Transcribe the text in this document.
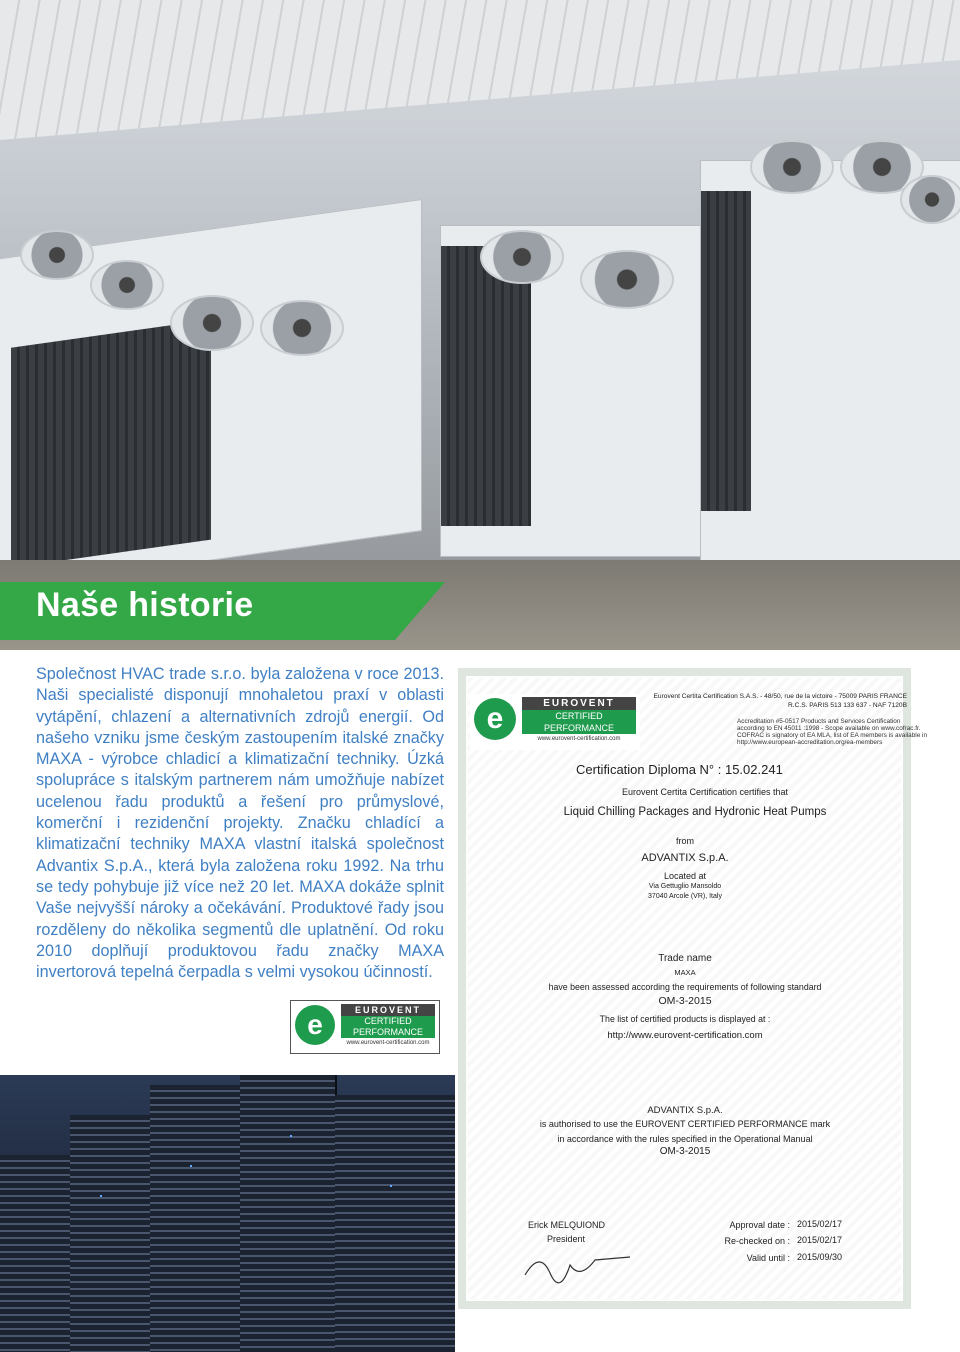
Naše historie

Společnost HVAC trade s.r.o. byla založena v roce 2013. Naši specialisté disponují mnohaletou praxí v oblasti vytápění, chlazení a alternativních zdrojů energií. Od našeho vzniku jsme českým zastoupením italské značky MAXA - výrobce chladicí a klimatizační techniky. Úzká spolupráce s italským partnerem nám umožňuje nabízet ucelenou řadu produktů a řešení pro průmyslové, komerční i rezidenční projekty. Značku chladící a klimatizační techniky MAXA vlastní italská společnost Advantix S.p.A., která byla založena roku 1992. Na trhu se tedy pohybuje již více než 20 let. MAXA dokáže splnit Vaše nejvyšší nároky a očekávání. Produktové řady jsou rozděleny do několika segmentů dle uplatnění. Od roku 2010 doplňují produktovou řadu značky MAXA invertorová tepelná čerpadla s velmi vysokou účinností.

e	EUROVENT
CERTIFIED
PERFORMANCE
www.eurovent-certification.com
e	EUROVENT
CERTIFIED
PERFORMANCE
www.eurovent-certification.com
Eurovent Certita Certification S.A.S. - 48/50, rue de la victoire - 75009 PARIS FRANCE
R.C.S. PARIS 513 133 637 - NAF 7120B
Accreditation #5-0517 Products and Services Certification
according to EN 45011 :1998 - Scope available on www.cofrac.fr.
COFRAC is signatory of EA MLA, list of EA members is available in
http://www.european-accreditation.org/ea-members
Certification Diploma N° : 15.02.241
Eurovent Certita Certification certifies that
Liquid Chilling Packages and Hydronic Heat Pumps
from
ADVANTIX S.p.A.
Located at
Via Gettuglio Mansoldo
37040 Arcole (VR), Italy
Trade name
MAXA
have been assessed according the requirements of following standard
OM-3-2015
The list of certified products is displayed at :
http://www.eurovent-certification.com
ADVANTIX S.p.A.
is authorised to use the EUROVENT CERTIFIED PERFORMANCE mark
in accordance with the rules specified in the Operational Manual
OM-3-2015
Erick MELQUIOND
President
Approval date : 2015/02/17
Re-checked on : 2015/02/17
Valid until : 2015/09/30
